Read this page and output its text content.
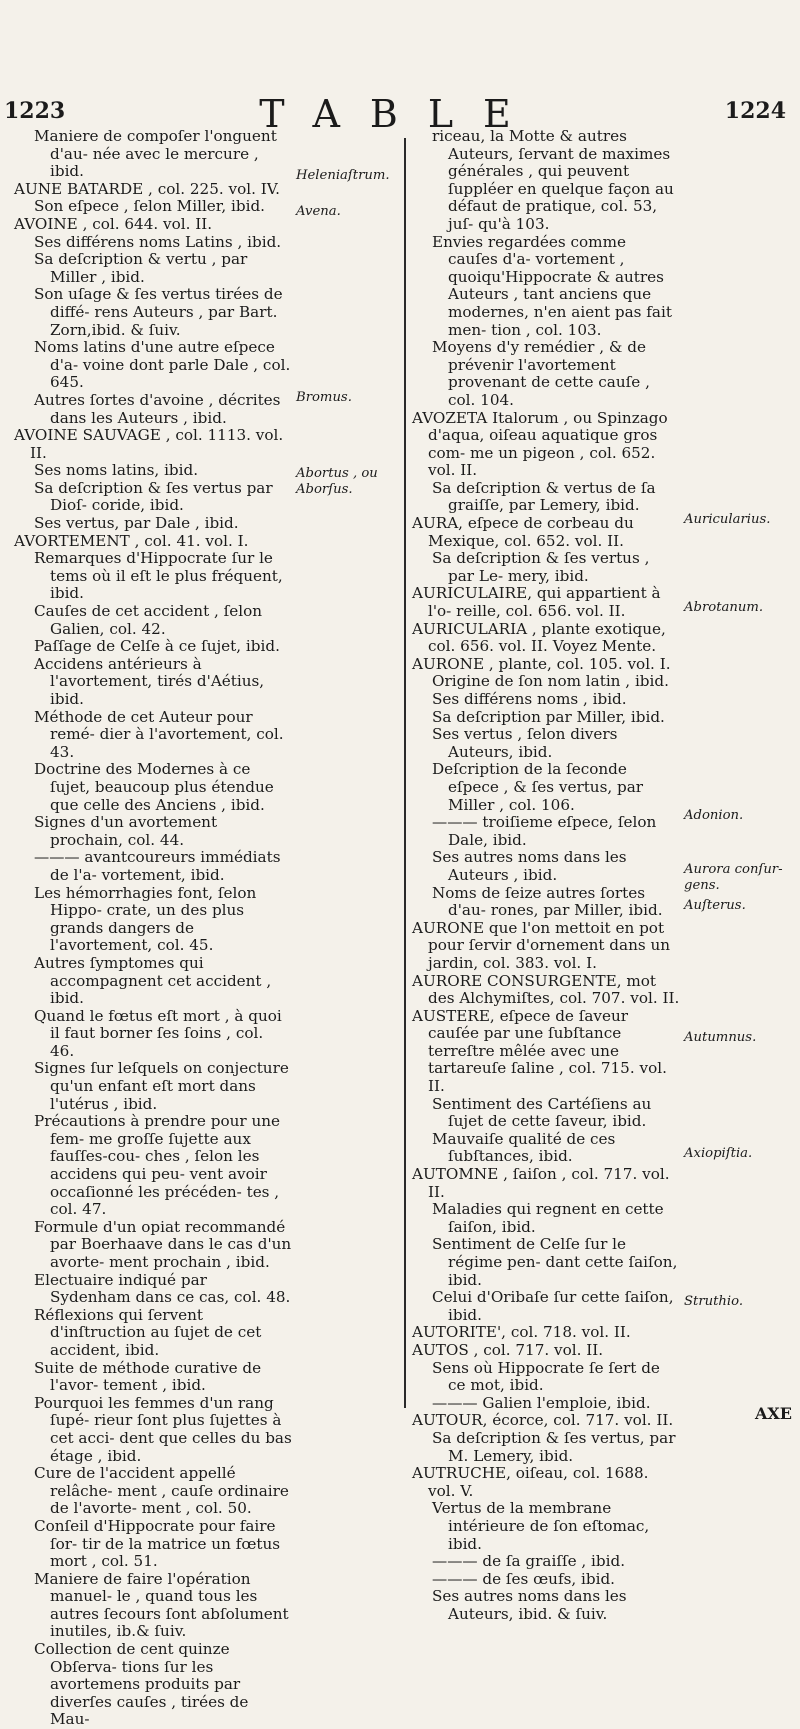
1223	TABLE	1224

Maniere de compoſer l'onguent d'au- née avec le mercure , ibid.

AUNE BATARDE , col. 225. vol. IV.

Son eſpece , ſelon Miller, ibid.

AVOINE , col. 644. vol. II.

Ses différens noms Latins , ibid.

Sa deſcription & vertu , par Miller , ibid.

Son uſage & ſes vertus tirées de diffé- rens Auteurs , par Bart. Zorn,ibid. & ſuiv.

Noms latins d'une autre eſpece d'a- voine dont parle Dale , col. 645.

Autres ſortes d'avoine , décrites dans les Auteurs , ibid.

AVOINE SAUVAGE , col. 1113. vol. II.

Ses noms latins, ibid.

Sa deſcription & ſes vertus par Dioſ- coride, ibid.

Ses vertus, par Dale , ibid.

AVORTEMENT , col. 41. vol. I.

Remarques d'Hippocrate ſur le tems où il eſt le plus fréquent, ibid.

Cauſes de cet accident , ſelon Galien, col. 42.

Paſſage de Celſe à ce ſujet, ibid.

Accidens antérieurs à l'avortement, tirés d'Aétius, ibid.

Méthode de cet Auteur pour remé- dier à l'avortement, col. 43.

Doctrine des Modernes à ce ſujet, beaucoup plus étendue que celle des Anciens , ibid.

Signes d'un avortement prochain, col. 44.

——— avantcoureurs immédiats de l'a- vortement, ibid.

Les hémorrhagies font, ſelon Hippo- crate, un des plus grands dangers de l'avortement, col. 45.

Autres ſymptomes qui accompagnent cet accident , ibid.

Quand le fœtus eſt mort , à quoi il faut borner ſes ſoins , col. 46.

Signes ſur leſquels on conjecture qu'un enfant eſt mort dans l'utérus , ibid.

Précautions à prendre pour une fem- me groſſe ſujette aux fauſſes-cou- ches , ſelon les accidens qui peu- vent avoir occaſionné les précéden- tes , col. 47.

Formule d'un opiat recommandé par Boerhaave dans le cas d'un avorte- ment prochain , ibid.

Electuaire indiqué par Sydenham dans ce cas, col. 48.

Réflexions qui ſervent d'inſtruction au ſujet de cet accident, ibid.

Suite de méthode curative de l'avor- tement , ibid.

Pourquoi les femmes d'un rang ſupé- rieur ſont plus ſujettes à cet acci- dent que celles du bas étage , ibid.

Cure de l'accident appellé relâche- ment , cauſe ordinaire de l'avorte- ment , col. 50.

Conſeil d'Hippocrate pour faire ſor- tir de la matrice un fœtus mort , col. 51.

Maniere de faire l'opération manuel- le , quand tous les autres ſecours ſont abſolument inutiles, ib.& ſuiv.

Collection de cent quinze Obſerva- tions ſur les avortemens produits par diverſes cauſes , tirées de Mau-

Heleniaſtrum.
Avena.
Bromus.
Abortus , ou Aborſus.

riceau, la Motte & autres Auteurs, ſervant de maximes générales , qui peuvent ſuppléer en quelque façon au défaut de pratique, col. 53, juſ- qu'à 103.

Envies regardées comme cauſes d'a- vortement , quoiqu'Hippocrate & autres Auteurs , tant anciens que modernes, n'en aient pas fait men- tion , col. 103.

Moyens d'y remédier , & de prévenir l'avortement provenant de cette cauſe , col. 104.

AVOZETA Italorum , ou Spinzago d'aqua, oiſeau aquatique gros com- me un pigeon , col. 652. vol. II.

Sa deſcription & vertus de ſa graiſſe, par Lemery, ibid.

AURA, eſpece de corbeau du Mexique, col. 652. vol. II.

Sa deſcription & ſes vertus , par Le- mery, ibid.

AURICULAIRE, qui appartient à l'o- reille, col. 656. vol. II.

AURICULARIA , plante exotique, col. 656. vol. II. Voyez Mente.

AURONE , plante, col. 105. vol. I.

Origine de ſon nom latin , ibid.

Ses différens noms , ibid.

Sa deſcription par Miller, ibid.

Ses vertus , ſelon divers Auteurs, ibid.

Deſcription de la ſeconde eſpece , & ſes vertus, par Miller , col. 106.

——— troiſieme eſpece, ſelon Dale, ibid.

Ses autres noms dans les Auteurs , ibid.

Noms de ſeize autres ſortes d'au- rones, par Miller, ibid.

AURONE que l'on mettoit en pot pour ſervir d'ornement dans un jardin, col. 383. vol. I.

AURORE CONSURGENTE, mot des Alchymiſtes, col. 707. vol. II.

AUSTERE, eſpece de ſaveur cauſée par une ſubſtance terreſtre mêlée avec une tartareuſe ſaline , col. 715. vol. II.

Sentiment des Cartéſiens au ſujet de cette ſaveur, ibid.

Mauvaiſe qualité de ces ſubſtances, ibid.

AUTOMNE , ſaiſon , col. 717. vol. II.

Maladies qui regnent en cette ſaiſon, ibid.

Sentiment de Celſe ſur le régime pen- dant cette ſaiſon, ibid.

Celui d'Oribaſe ſur cette ſaiſon, ibid.

AUTORITE', col. 718. vol. II.

AUTOS , col. 717. vol. II.

Sens où Hippocrate ſe ſert de ce mot, ibid.

——— Galien l'emploie, ibid.

AUTOUR, écorce, col. 717. vol. II.

Sa deſcription & ſes vertus, par M. Lemery, ibid.

AUTRUCHE, oiſeau, col. 1688. vol. V.

Vertus de la membrane intérieure de ſon eſtomac, ibid.

——— de ſa graiſſe , ibid.

——— de ſes œufs, ibid.

Ses autres noms dans les Auteurs, ibid. & ſuiv.

Auricularius.
Abrotanum.
Adonion.
Aurora conſur- gens.
Auſterus.
Autumnus.
Axiopiſtia.
Struthio.
AXE
